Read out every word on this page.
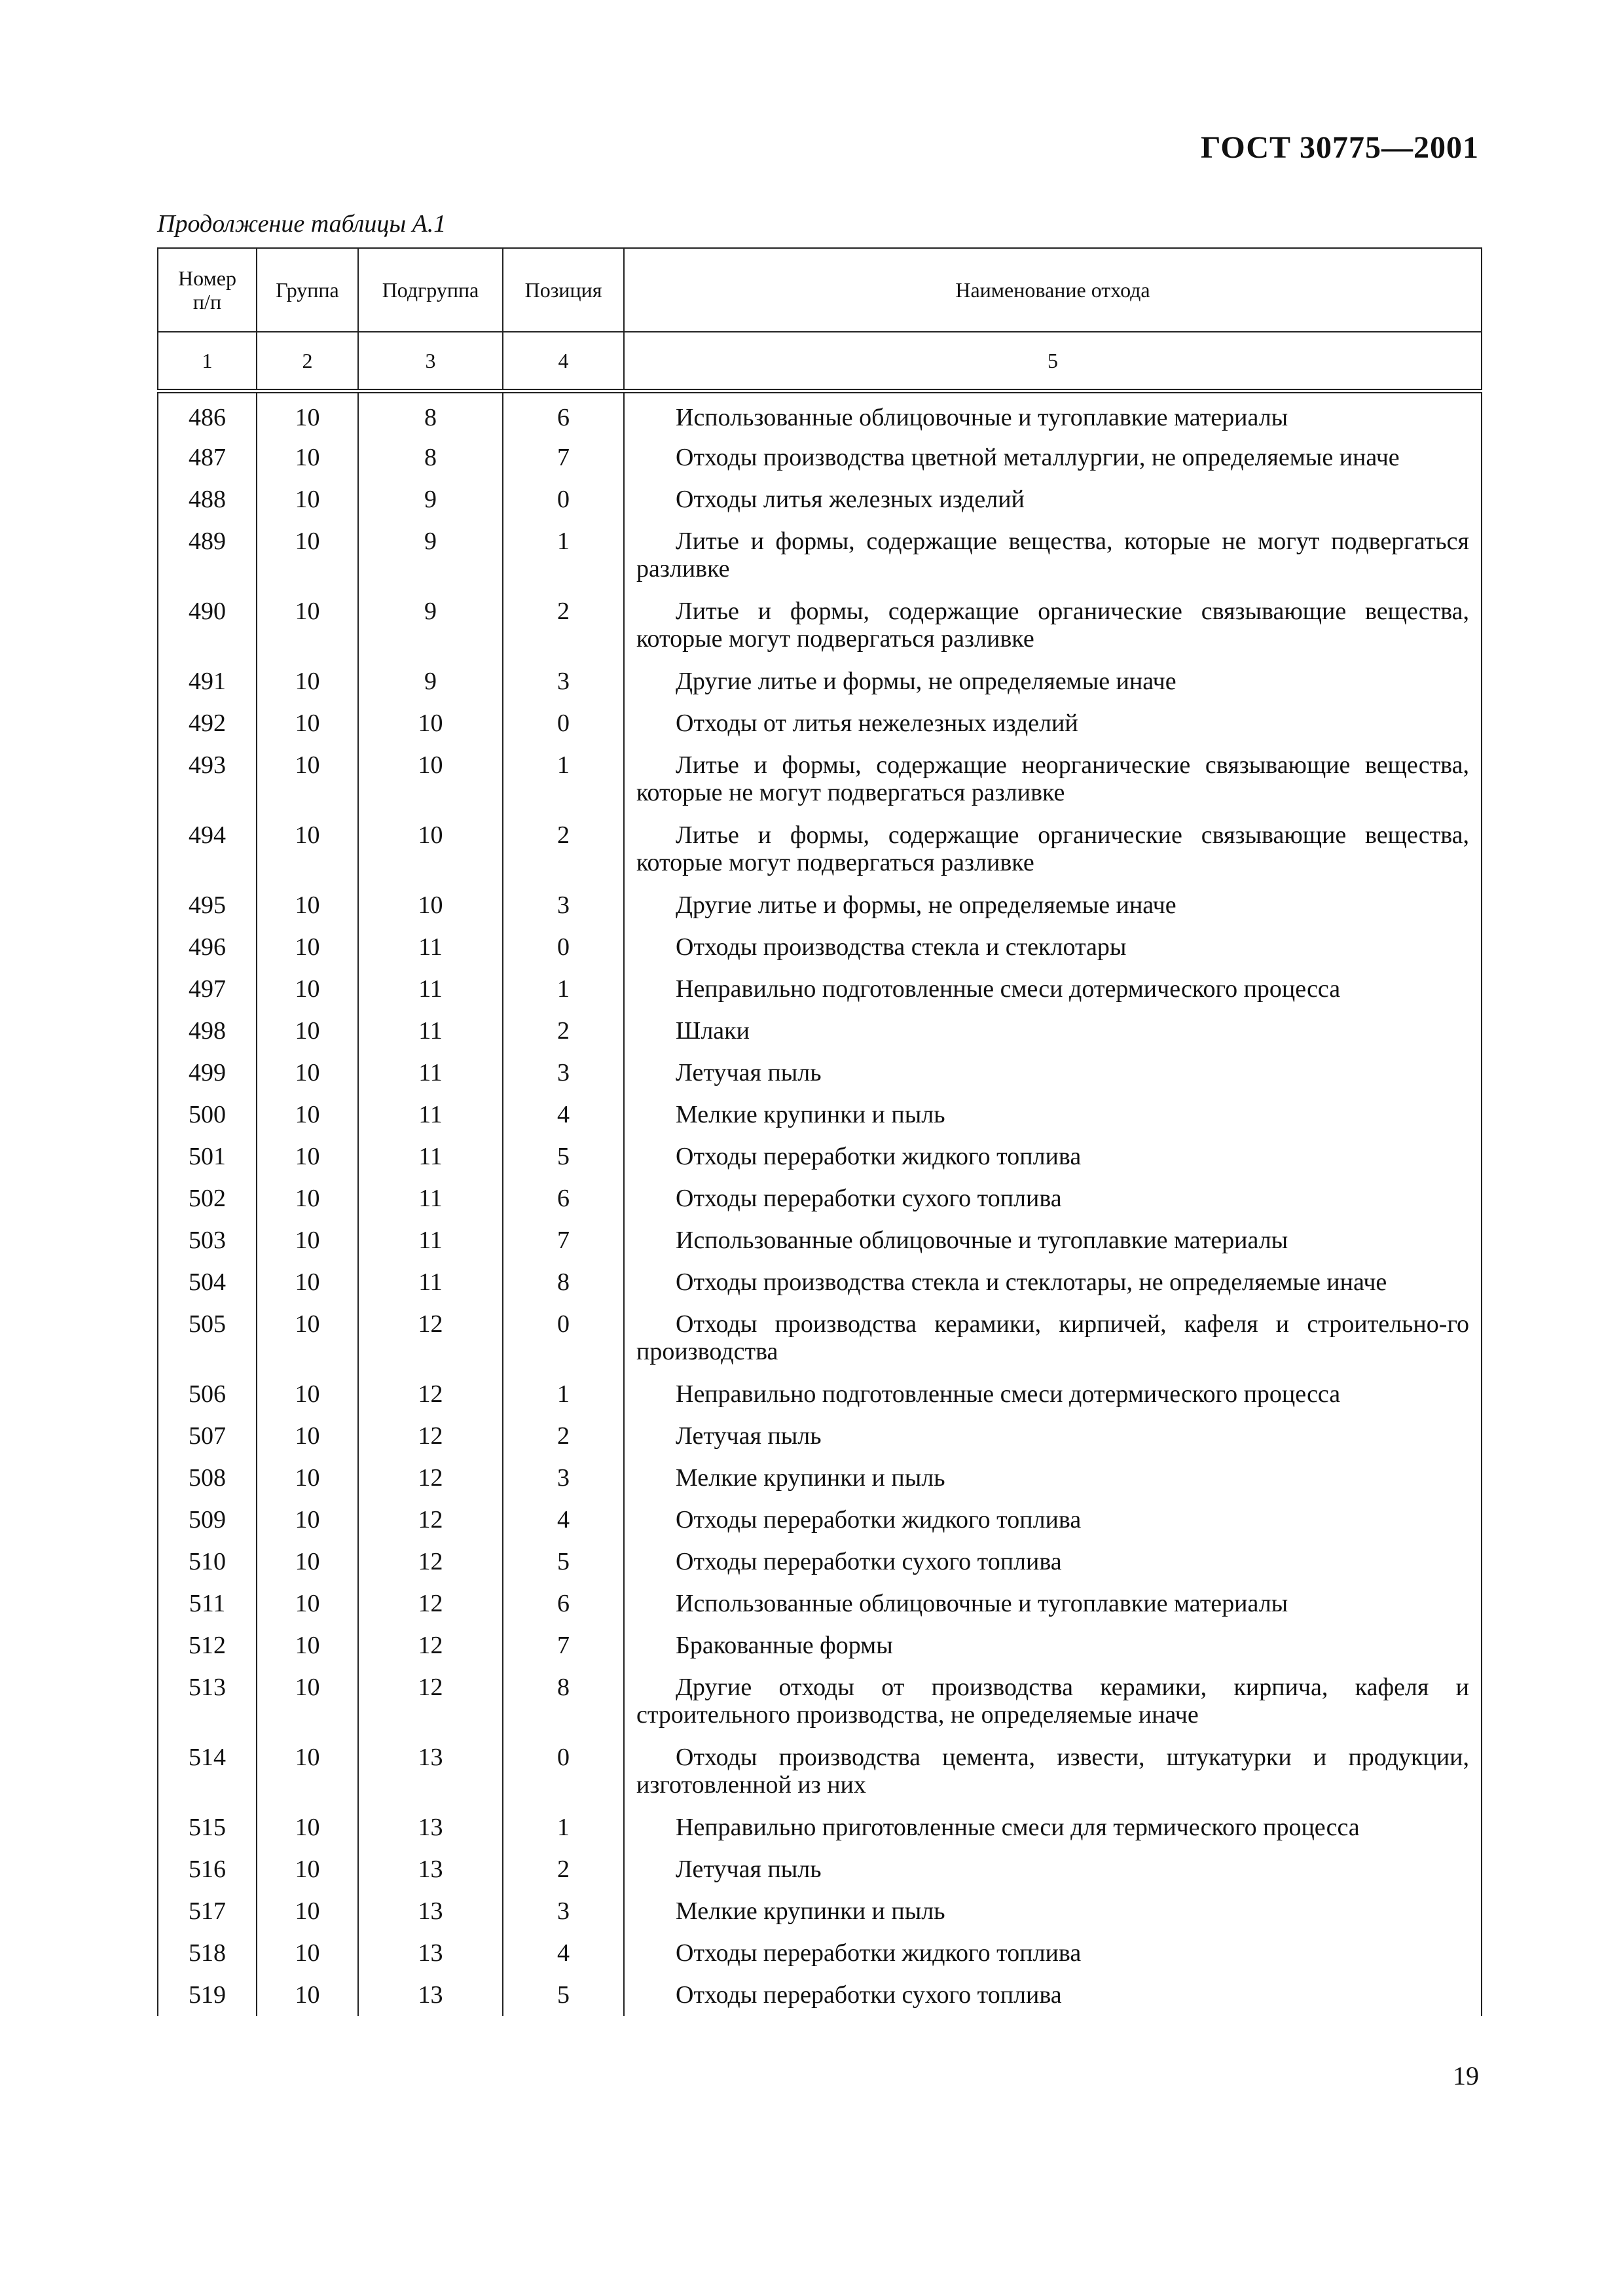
ГОСТ 30775—2001
Продолжение таблицы А.1
Номер п/п	Группа	Подгруппа	Позиция	Наименование отхода
1	2	3	4	5
486	10	8	6	Использованные облицовочные и тугоплавкие материалы

487	10	8	7	Отходы производства цветной металлургии, не определяемые иначе

488	10	9	0	Отходы литья железных изделий

489	10	9	1	Литье и формы, содержащие вещества, которые не могут подвергаться разливке

490	10	9	2	Литье и формы, содержащие органические связывающие вещества, которые могут подвергаться разливке

491	10	9	3	Другие литье и формы, не определяемые иначе

492	10	10	0	Отходы от литья нежелезных изделий

493	10	10	1	Литье и формы, содержащие неорганические связывающие вещества, которые не могут подвергаться разливке

494	10	10	2	Литье и формы, содержащие органические связывающие вещества, которые могут подвергаться разливке

495	10	10	3	Другие литье и формы, не определяемые иначе

496	10	11	0	Отходы производства стекла и стеклотары

497	10	11	1	Неправильно подготовленные смеси дотермического процесса

498	10	11	2	Шлаки

499	10	11	3	Летучая пыль

500	10	11	4	Мелкие крупинки и пыль

501	10	11	5	Отходы переработки жидкого топлива

502	10	11	6	Отходы переработки сухого топлива

503	10	11	7	Использованные облицовочные и тугоплавкие материалы

504	10	11	8	Отходы производства стекла и стеклотары, не определяемые иначе

505	10	12	0	Отходы производства керамики, кирпичей, кафеля и строительно-го производства

506	10	12	1	Неправильно подготовленные смеси дотермического процесса

507	10	12	2	Летучая пыль

508	10	12	3	Мелкие крупинки и пыль

509	10	12	4	Отходы переработки жидкого топлива

510	10	12	5	Отходы переработки сухого топлива

511	10	12	6	Использованные облицовочные и тугоплавкие материалы

512	10	12	7	Бракованные формы

513	10	12	8	Другие отходы от производства керамики, кирпича, кафеля и строительного производства, не определяемые иначе

514	10	13	0	Отходы производства цемента, извести, штукатурки и продукции, изготовленной из них

515	10	13	1	Неправильно приготовленные смеси для термического процесса

516	10	13	2	Летучая пыль

517	10	13	3	Мелкие крупинки и пыль

518	10	13	4	Отходы переработки жидкого топлива

519	10	13	5	Отходы переработки сухого топлива
19
